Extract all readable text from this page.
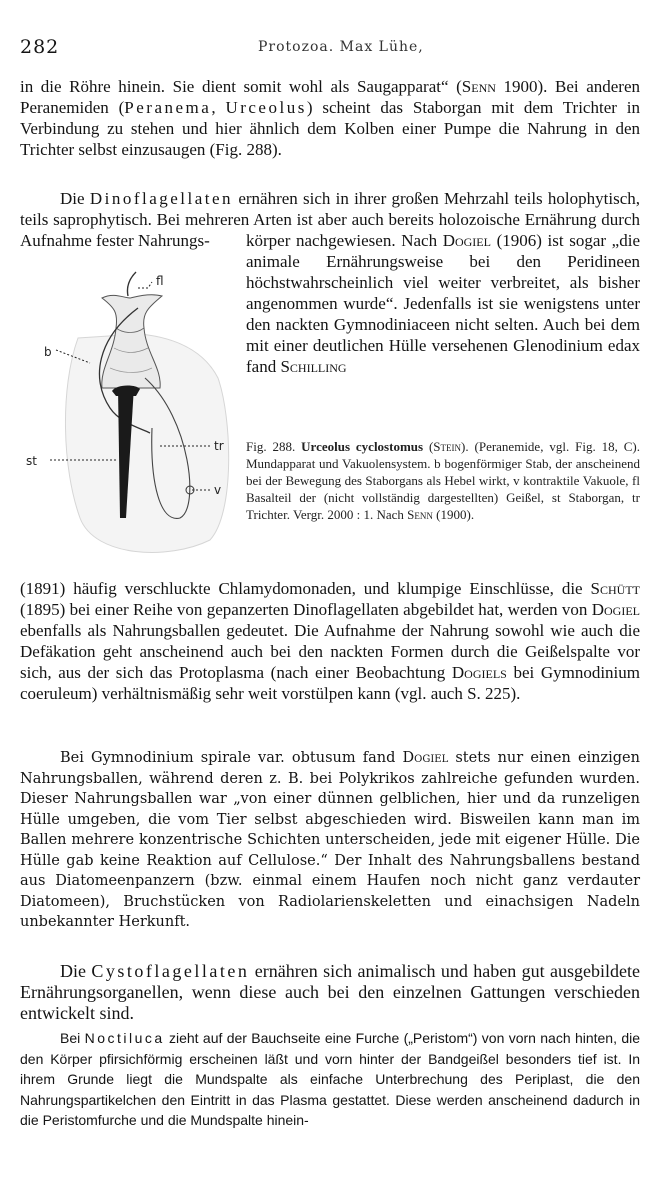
282	Protozoa. Max Lühe,

in die Röhre hinein. Sie dient somit wohl als Saugapparat“ (Senn 1900). Bei anderen Peranemiden (Peranema, Urceolus) scheint das Staborgan mit dem Trichter in Verbindung zu stehen und hier ähnlich dem Kolben einer Pumpe die Nahrung in den Trichter selbst einzusaugen (Fig. 288).

Die Dinoflagellaten ernähren sich in ihrer großen Mehrzahl teils holophytisch, teils saprophytisch. Bei mehreren Arten ist aber auch bereits holozoische Ernährung durch Aufnahme fester Nahrungs-	körper nachgewiesen. Nach Dogiel (1906) ist sogar „die animale Ernährungsweise bei den Peridineen höchstwahrscheinlich viel weiter verbreitet, als bisher angenommen wurde“. Jedenfalls ist sie wenigstens unter den nackten Gymnodiniaceen nicht selten. Auch bei dem mit einer deutlichen Hülle versehenen Glenodinium edax fand Schilling

fl
b
st
tr
v

Fig. 288. Urceolus cyclostomus (Stein). (Peranemide, vgl. Fig. 18, C). Mundapparat und Vakuolensystem. b bogenförmiger Stab, der anscheinend bei der Bewegung des Staborgans als Hebel wirkt, v kontraktile Vakuole, fl Basalteil der (nicht vollständig dargestellten) Geißel, st Staborgan, tr Trichter. Vergr. 2000 : 1. Nach Senn (1900).

(1891) häufig verschluckte Chlamydomonaden, und klumpige Einschlüsse, die Schütt (1895) bei einer Reihe von gepanzerten Dinoflagellaten abgebildet hat, werden von Dogiel ebenfalls als Nahrungsballen gedeutet. Die Aufnahme der Nahrung sowohl wie auch die Defäkation geht anscheinend auch bei den nackten Formen durch die Geißelspalte vor sich, aus der sich das Protoplasma (nach einer Beobachtung Dogiels bei Gymnodinium coeruleum) verhältnismäßig sehr weit vorstülpen kann (vgl. auch S. 225).

Bei Gymnodinium spirale var. obtusum fand Dogiel stets nur einen einzigen Nahrungsballen, während deren z. B. bei Polykrikos zahlreiche gefunden wurden. Dieser Nahrungsballen war „von einer dünnen gelblichen, hier und da runzeligen Hülle umgeben, die vom Tier selbst abgeschieden wird. Bisweilen kann man im Ballen mehrere konzentrische Schichten unterscheiden, jede mit eigener Hülle. Die Hülle gab keine Reaktion auf Cellulose.“ Der Inhalt des Nahrungsballens bestand aus Diatomeenpanzern (bzw. einmal einem Haufen noch nicht ganz verdauter Diatomeen), Bruchstücken von Radiolarienskeletten und einachsigen Nadeln unbekannter Herkunft.

Die Cystoflagellaten ernähren sich animalisch und haben gut ausgebildete Ernährungsorganellen, wenn diese auch bei den einzelnen Gattungen verschieden entwickelt sind.

Bei Noctiluca zieht auf der Bauchseite eine Furche („Peristom“) von vorn nach hinten, die den Körper pfirsichförmig erscheinen läßt und vorn hinter der Bandgeißel besonders tief ist. In ihrem Grunde liegt die Mundspalte als einfache Unterbrechung des Periplast, die den Nahrungspartikelchen den Eintritt in das Plasma gestattet. Diese werden anscheinend dadurch in die Peristomfurche und die Mundspalte hinein-
